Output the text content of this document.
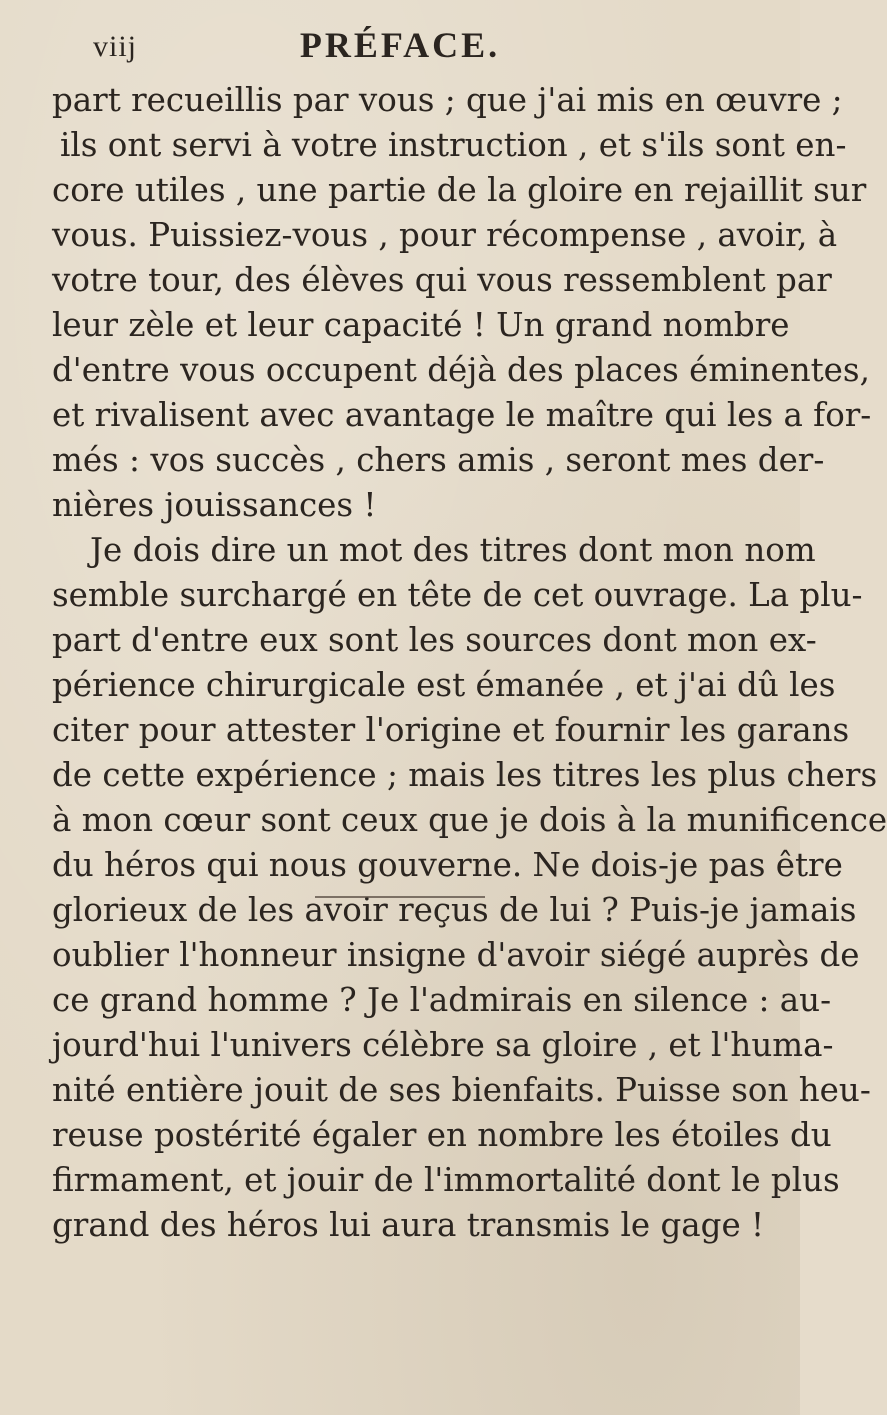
viij	PRÉFACE.
part recueillis par vous ; que j'ai mis en œuvre ;
ils ont servi à votre instruction , et s'ils sont en-
core utiles , une partie de la gloire en rejaillit sur
vous. Puissiez-vous , pour récompense , avoir, à
votre tour, des élèves qui vous ressemblent par
leur zèle et leur capacité ! Un grand nombre
d'entre vous occupent déjà des places éminentes,
et rivalisent avec avantage le maître qui les a for-
més : vos succès , chers amis , seront mes der-
nières jouissances !
Je dois dire un mot des titres dont mon nom
semble surchargé en tête de cet ouvrage. La plu-
part d'entre eux sont les sources dont mon ex-
périence chirurgicale est émanée , et j'ai dû les
citer pour attester l'origine et fournir les garans
de cette expérience ; mais les titres les plus chers
à mon cœur sont ceux que je dois à la munificence
du héros qui nous gouverne. Ne dois-je pas être
glorieux de les avoir reçus de lui ? Puis-je jamais
oublier l'honneur insigne d'avoir siégé auprès de
ce grand homme ? Je l'admirais en silence : au-
jourd'hui l'univers célèbre sa gloire , et l'huma-
nité entière jouit de ses bienfaits. Puisse son heu-
reuse postérité égaler en nombre les étoiles du
firmament, et jouir de l'immortalité dont le plus
grand des héros lui aura transmis le gage !
